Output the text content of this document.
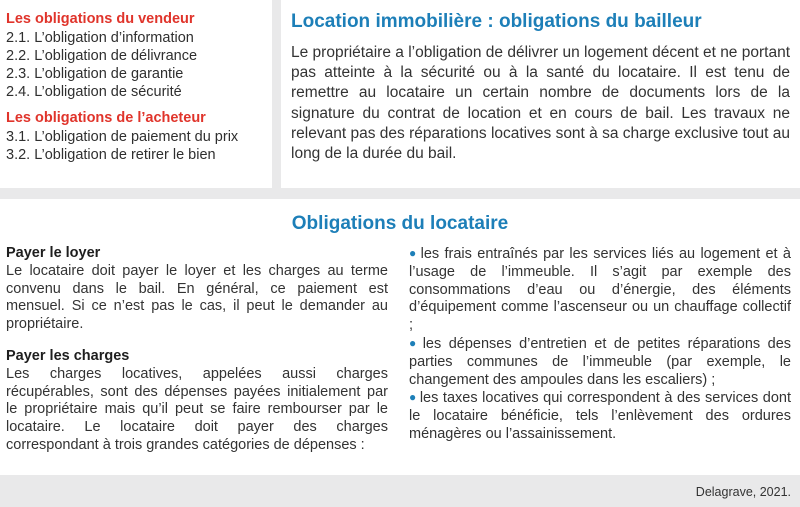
Les obligations du vendeur

2.1. L’obligation d’information

2.2. L’obligation de délivrance

2.3. L’obligation de garantie

2.4. L’obligation de sécurité

Les obligations de l’acheteur

3.1. L’obligation de paiement du prix

3.2. L’obligation de retirer le bien

Location immobilière : obligations du bailleur

Le propriétaire a l’obligation de délivrer un logement décent et ne portant pas atteinte à la sécurité ou à la santé du locataire. Il est tenu de remettre au locataire un certain nombre de documents lors de la signature du contrat de location et en cours de bail. Les travaux ne relevant pas des réparations locatives sont à sa charge exclusive tout au long de la durée du bail.

Obligations du locataire

Payer le loyer

Le locataire doit payer le loyer et les charges au terme convenu dans le bail. En général, ce paiement est mensuel. Si ce n’est pas le cas, il peut le demander au propriétaire.

Payer les charges

Les charges locatives, appelées aussi charges récupérables, sont des dépenses payées initialement par le propriétaire mais qu’il peut se faire rembourser par le locataire. Le locataire doit payer des charges correspondant à trois grandes catégories de dépenses :

● les frais entraînés par les services liés au logement et à l’usage de l’immeuble. Il s’agit par exemple des consommations d’eau ou d’énergie, des éléments d’équipement comme l’ascenseur ou un chauffage collectif ;

● les dépenses d’entretien et de petites réparations des parties communes de l’immeuble (par exemple, le changement des ampoules dans les escaliers) ;

● les taxes locatives qui correspondent à des services dont le locataire bénéficie, tels l’enlèvement des ordures ménagères ou l’assainissement.

Delagrave, 2021.
